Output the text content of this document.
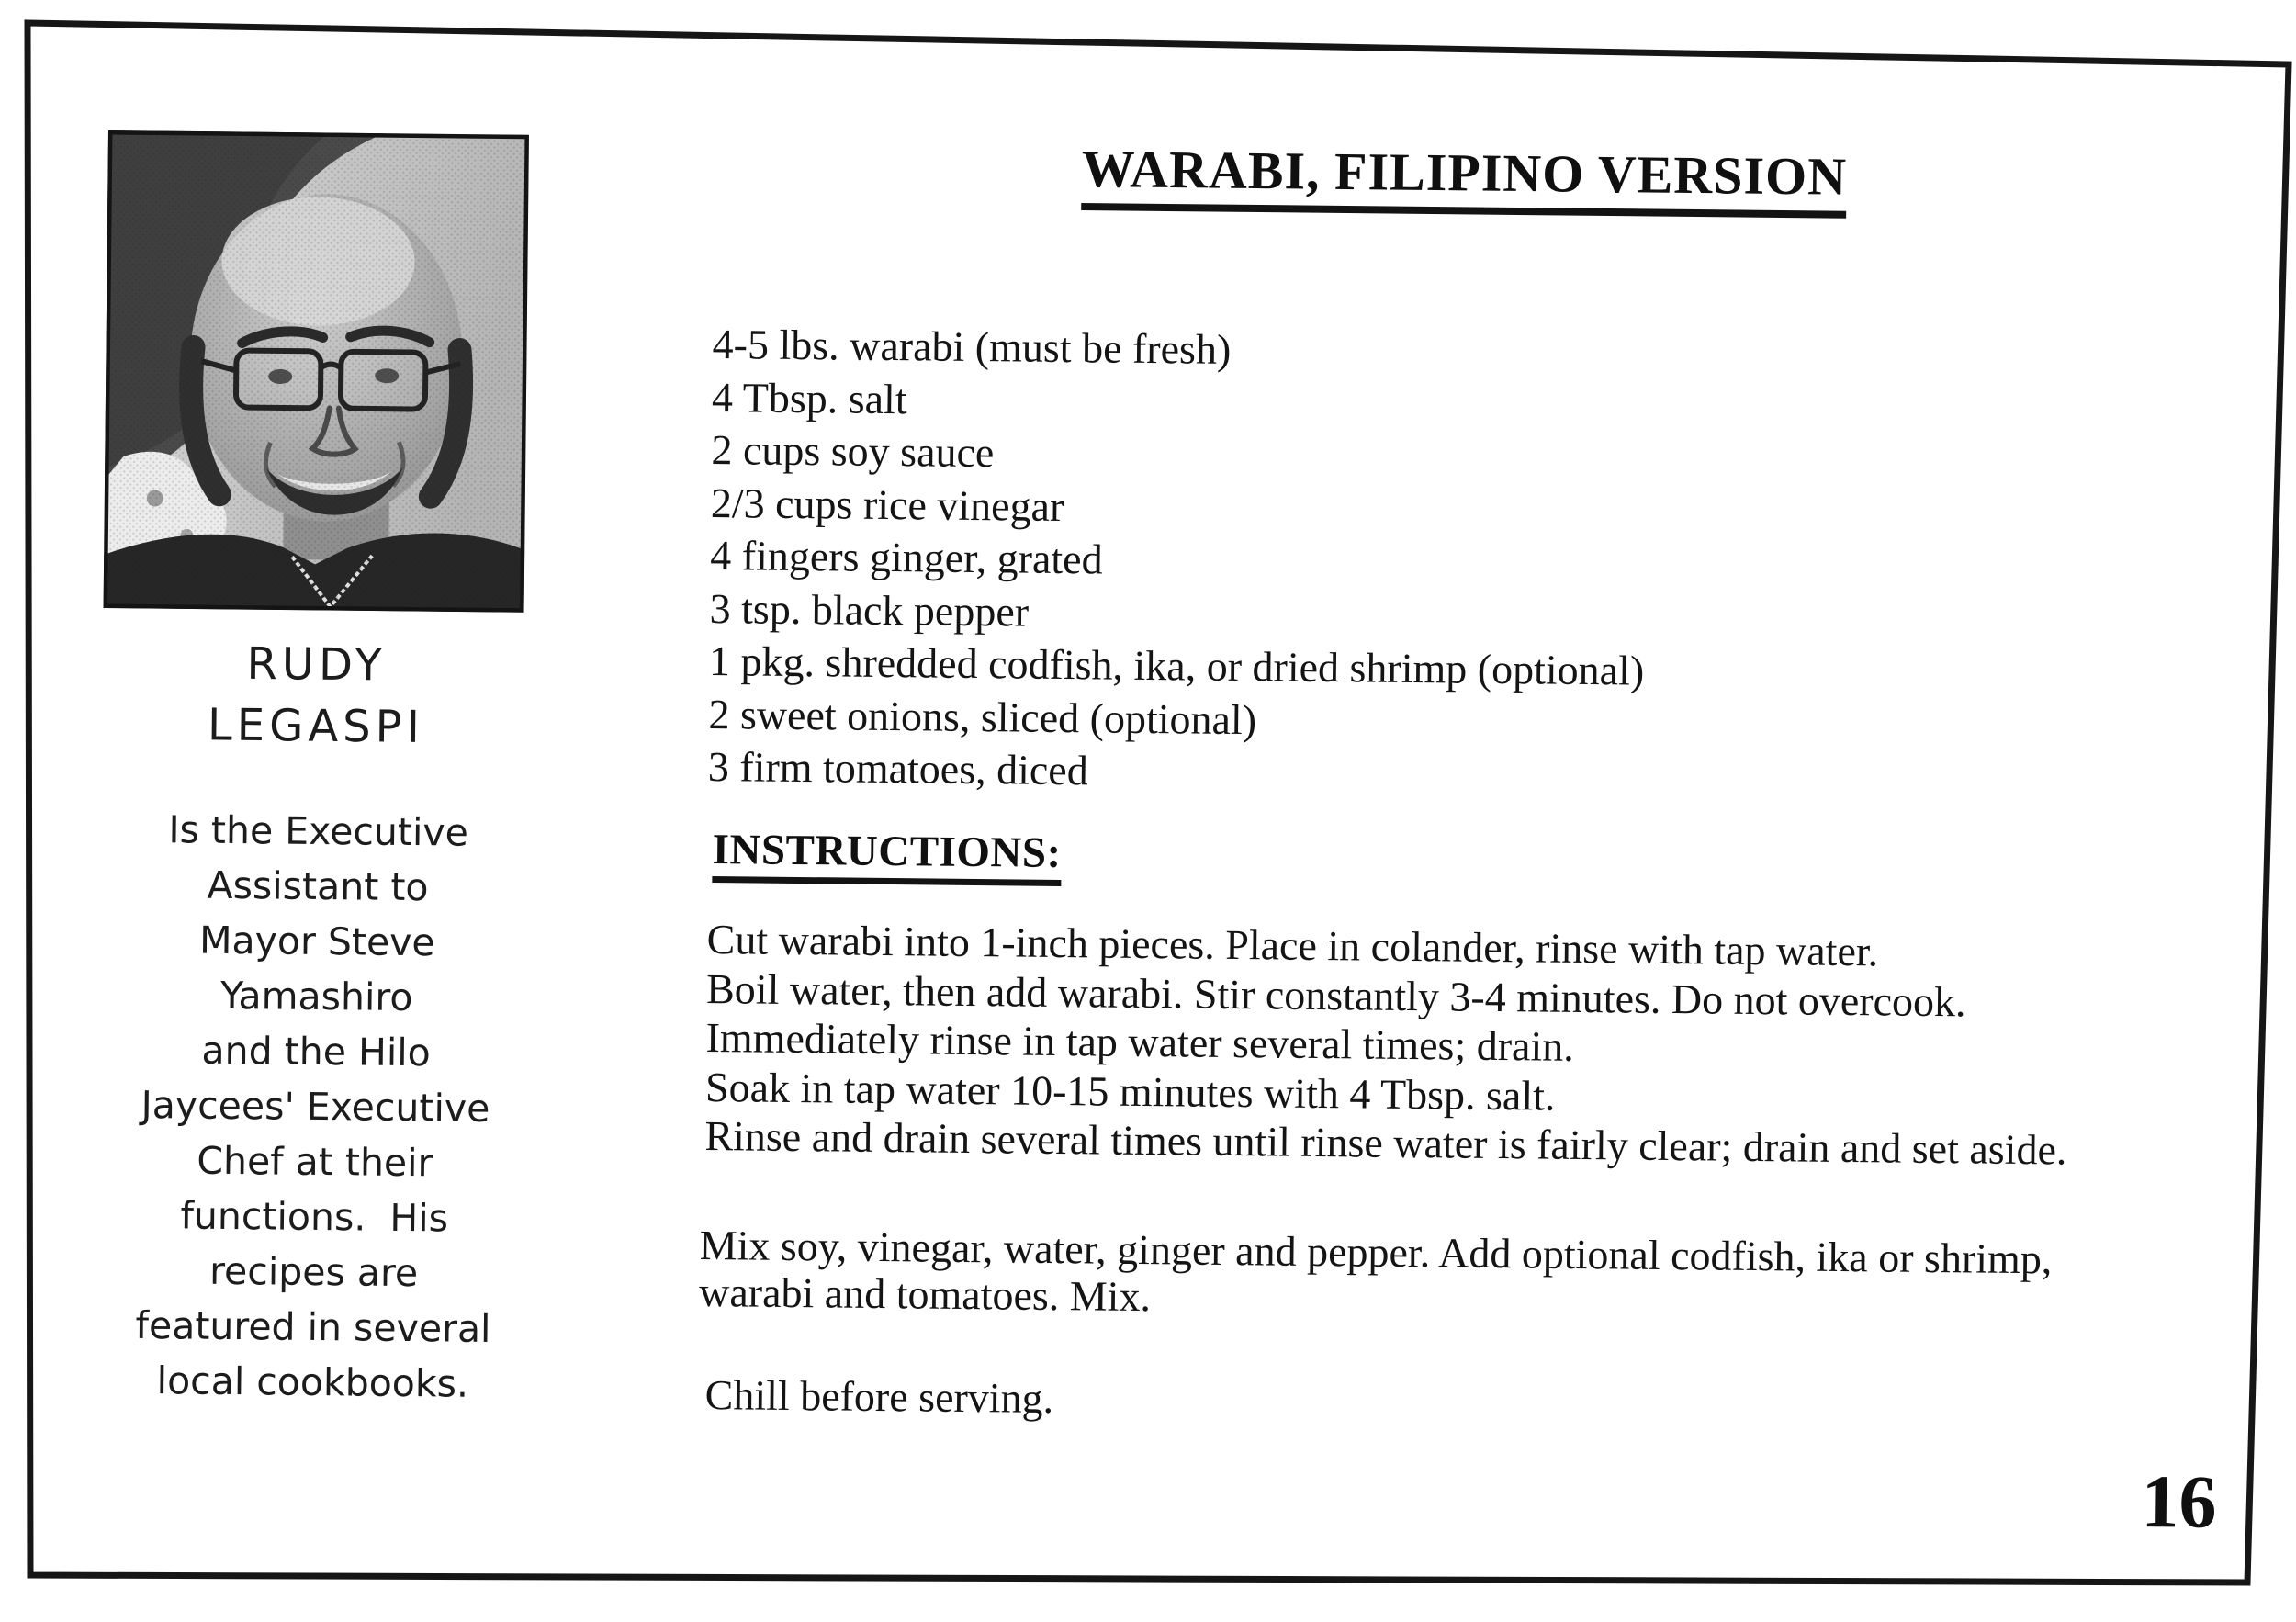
RUDY
LEGASPI
Is the Executive
Assistant to
Mayor Steve
Yamashiro
and the Hilo
Jaycees' Executive
Chef at their
functions.  His
recipes are
featured in several
local cookbooks.
WARABI, FILIPINO VERSION
4-5 lbs. warabi (must be fresh)
4 Tbsp. salt
2 cups soy sauce
2/3 cups rice vinegar
4 fingers ginger, grated
3 tsp. black pepper
1 pkg. shredded codfish, ika, or dried shrimp (optional)
2 sweet onions, sliced (optional)
3 firm tomatoes, diced
INSTRUCTIONS:
Cut warabi into 1-inch pieces. Place in colander, rinse with tap water.
Boil water, then add warabi. Stir constantly 3-4 minutes. Do not overcook.
Immediately rinse in tap water several times; drain.
Soak in tap water 10-15 minutes with 4 Tbsp. salt.
Rinse and drain several times until rinse water is fairly clear; drain and set aside.
Mix soy, vinegar, water, ginger and pepper. Add optional codfish, ika or shrimp,
warabi and tomatoes. Mix.
Chill before serving.
16
